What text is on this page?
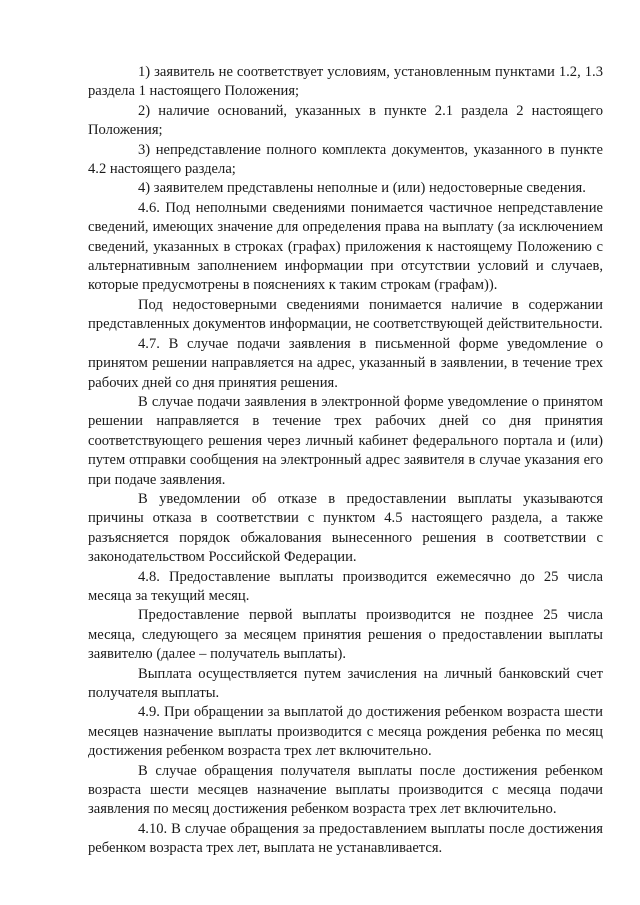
1) заявитель не соответствует условиям, установленным пунктами 1.2, 1.3 раздела 1 настоящего Положения;

2) наличие оснований, указанных в пункте 2.1 раздела 2 настоящего Положения;

3) непредставление полного комплекта документов, указанного в пункте 4.2 настоящего раздела;

4) заявителем представлены неполные и (или) недостоверные сведения.

4.6. Под неполными сведениями понимается частичное непредставление сведений, имеющих значение для определения права на выплату (за исключением сведений, указанных в строках (графах) приложения к настоящему Положению с альтернативным заполнением информации при отсутствии условий и случаев, которые предусмотрены в пояснениях к таким строкам (графам)).

Под недостоверными сведениями понимается наличие в содержании представленных документов информации, не соответствующей действительности.

4.7. В случае подачи заявления в письменной форме уведомление о принятом решении направляется на адрес, указанный в заявлении, в течение трех рабочих дней со дня принятия решения.

В случае подачи заявления в электронной форме уведомление о принятом решении направляется в течение трех рабочих дней со дня принятия соответствующего решения через личный кабинет федерального портала и (или) путем отправки сообщения на электронный адрес заявителя в случае указания его при подаче заявления.

В уведомлении об отказе в предоставлении выплаты указываются причины отказа в соответствии с пунктом 4.5 настоящего раздела, а также разъясняется порядок обжалования вынесенного решения в соответствии с законодательством Российской Федерации.

4.8. Предоставление выплаты производится ежемесячно до 25 числа месяца за текущий месяц.

Предоставление первой выплаты производится не позднее 25 числа месяца, следующего за месяцем принятия решения о предоставлении выплаты заявителю (далее – получатель выплаты).

Выплата осуществляется путем зачисления на личный банковский счет получателя выплаты.

4.9. При обращении за выплатой до достижения ребенком возраста шести месяцев назначение выплаты производится с месяца рождения ребенка по месяц достижения ребенком возраста трех лет включительно.

В случае обращения получателя выплаты после достижения ребенком возраста шести месяцев назначение выплаты производится с месяца подачи заявления по месяц достижения ребенком возраста трех лет включительно.

4.10. В случае обращения за предоставлением выплаты после достижения ребенком возраста трех лет, выплата не устанавливается.
